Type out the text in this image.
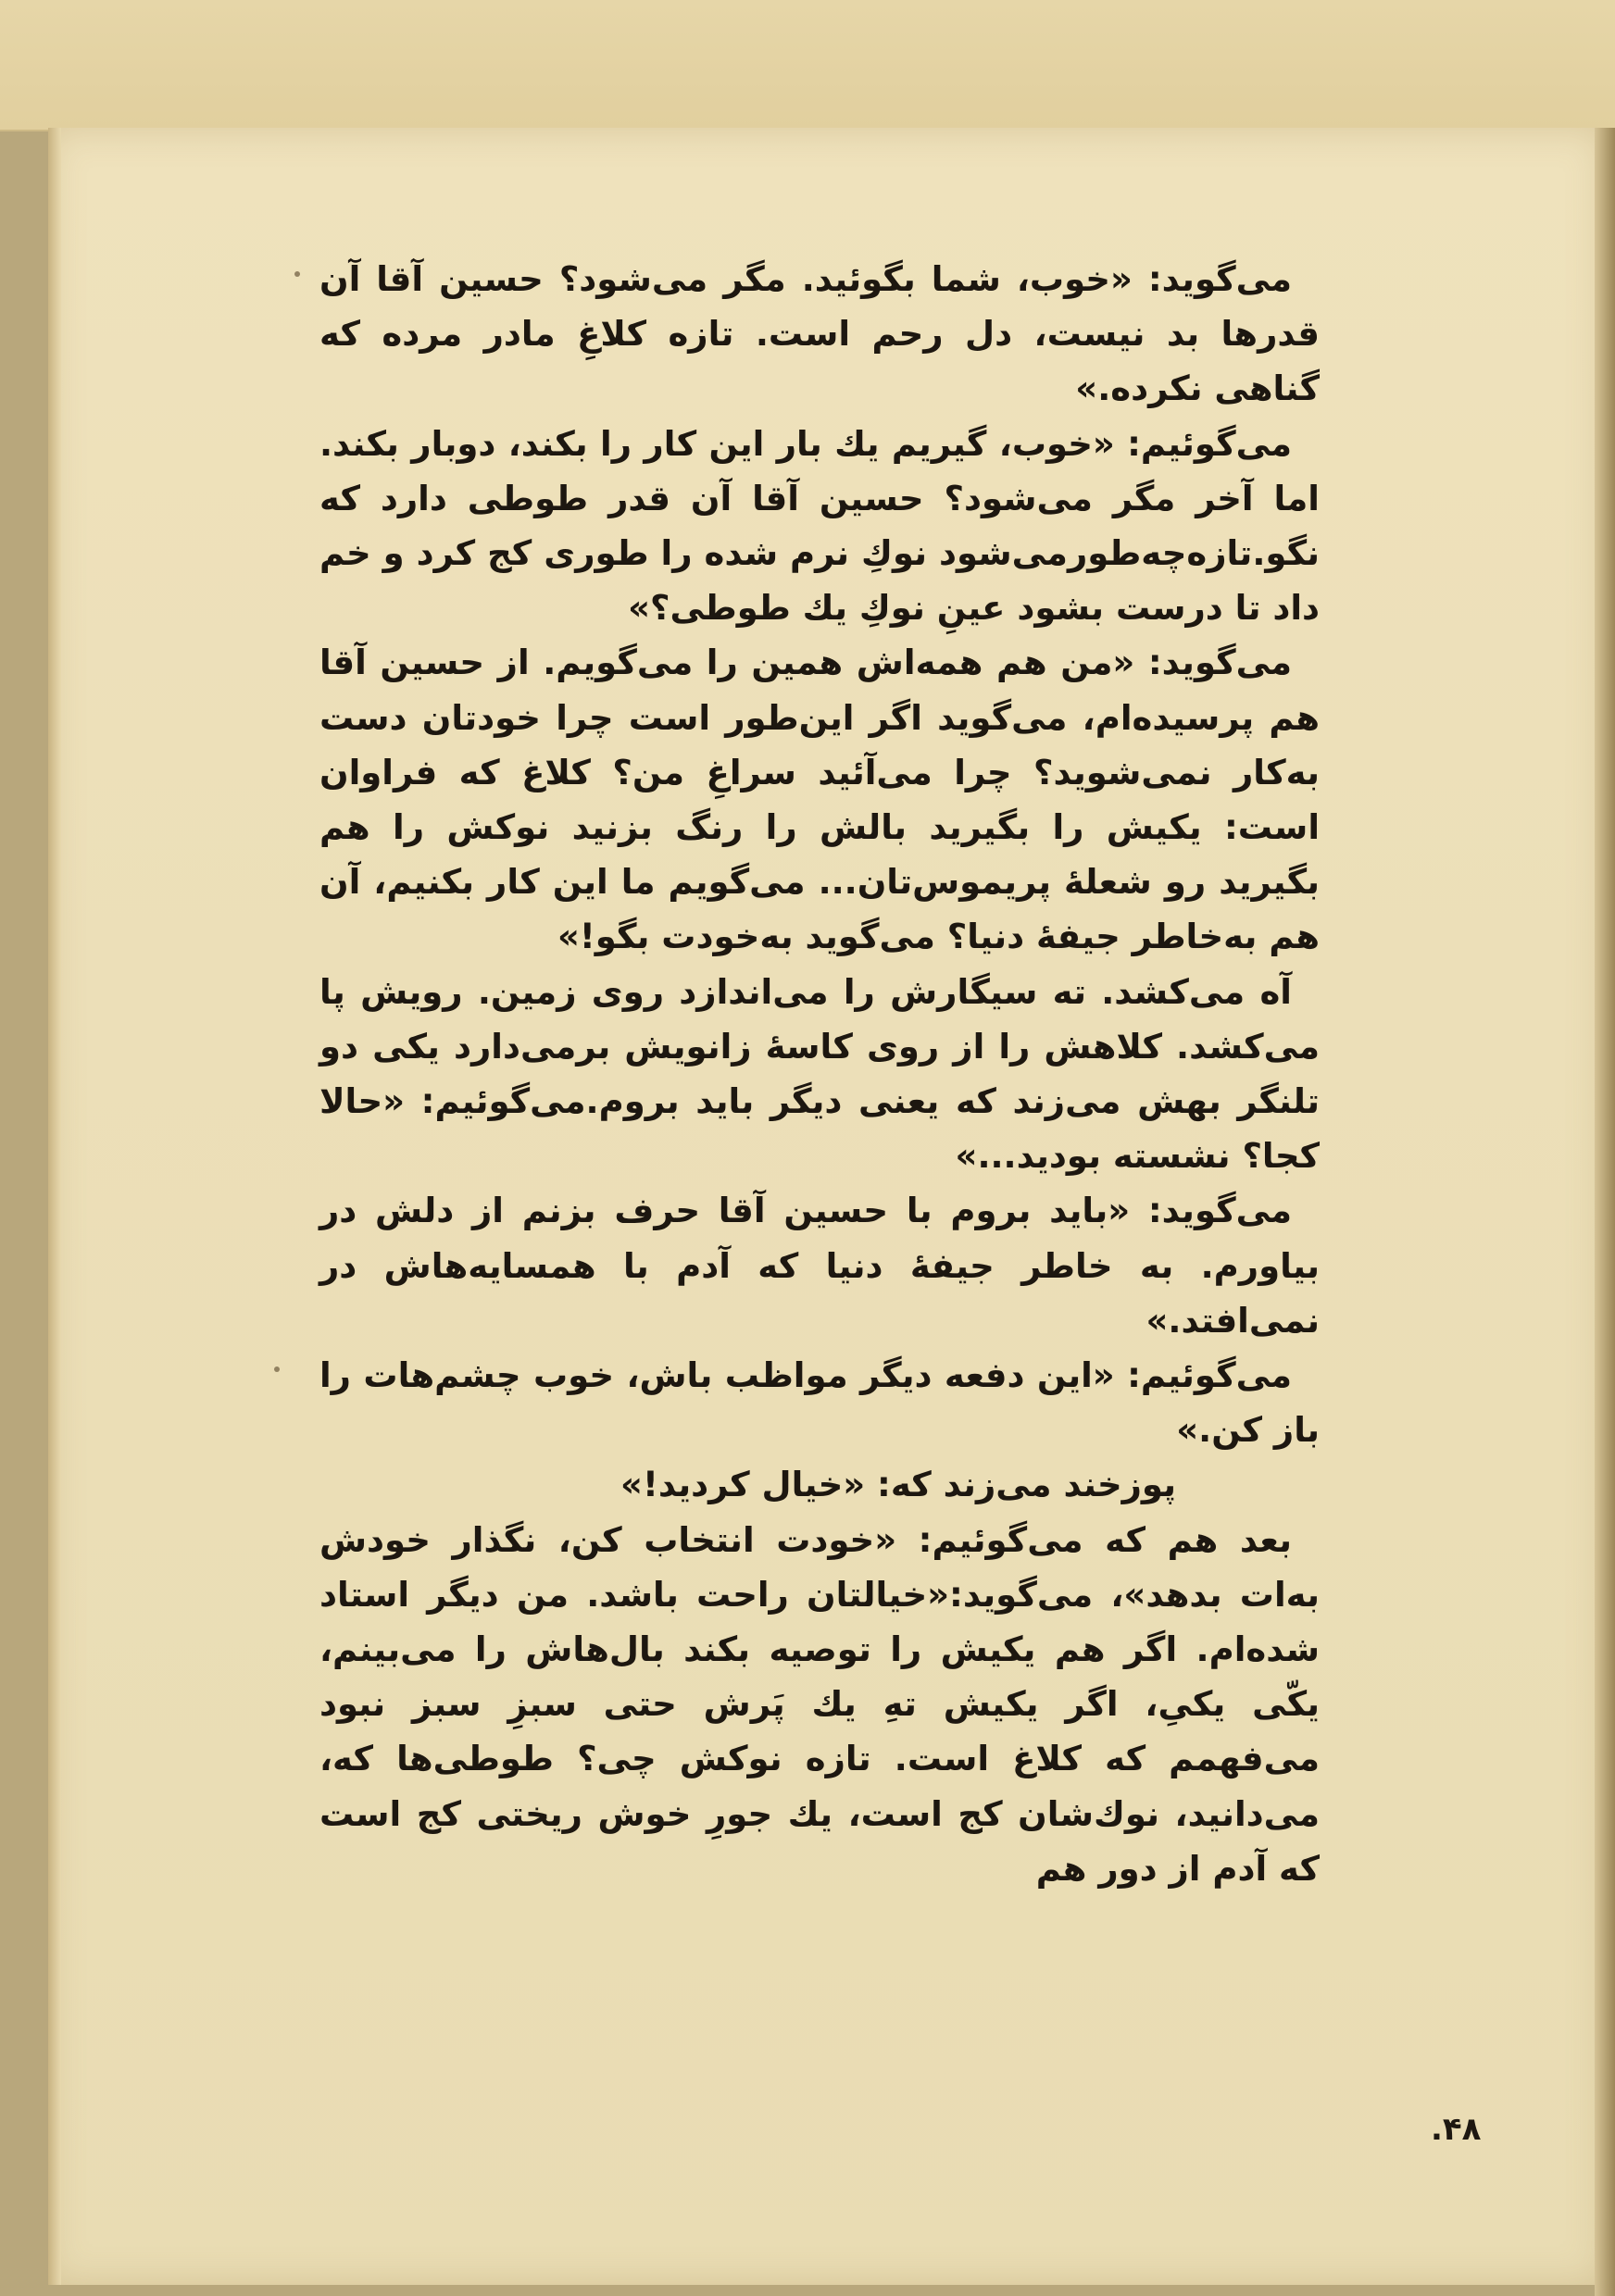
می‌گوید: «خوب، شما بگوئید. مگر می‌شود؟ حسین آقا آن قدرها بد نیست، دل رحم است. تازه کلاغِ مادر مرده که گناهی نکرده.»

می‌گوئیم: «خوب، گیریم یك بار این کار را بکند، دوبار بکند. اما آخر مگر می‌شود؟ حسین آقا آن قدر طوطی دارد که نگو.تازه‌چه‌طورمی‌شود نوكِ نرم شده را طوری کج کرد و خم داد تا درست بشود عینِ نوكِ یك طوطی؟»

می‌گوید: «من هم همه‌اش همین را می‌گویم. از حسین آقا هم پرسیده‌ام، می‌گوید اگر این‌طور است چرا خودتان دست به‌کار نمی‌شوید؟ چرا می‌آئید سراغِ من؟ کلاغ که فراوان است: یکیش را بگیرید بالش را رنگ بزنید نوکش را هم بگیرید رو شعلهٔ پریموس‌تان... می‌گویم ما این کار بکنیم، آن هم به‌خاطر جیفهٔ دنیا؟ می‌گوید به‌خودت بگو!»

آه می‌کشد. ته سیگارش را می‌اندازد روی زمین. رویش پا می‌کشد. کلاهش را از روی کاسهٔ زانویش برمی‌دارد یکی دو تلنگر بهش می‌زند که یعنی دیگر باید بروم.می‌گوئیم: «حالا کجا؟ نشسته بودید...»

می‌گوید: «باید بروم با حسین آقا حرف بزنم از دلش در بیاورم. به خاطر جیفهٔ دنیا که آدم با همسایه‌هاش در نمی‌افتد.»

می‌گوئیم: «این دفعه دیگر مواظب باش، خوب چشم‌هات را باز کن.»

پوزخند می‌زند که: «خیال کردید!»

بعد هم که می‌گوئیم: «خودت انتخاب کن، نگذار خودش به‌ات بدهد»، می‌گوید:«خیالتان راحت باشد. من دیگر استاد شده‌ام. اگر هم یکیش را توصیه بکند بال‌هاش را می‌بینم، یکّی یکیِ، اگر یکیش تهِ یك پَرش حتی سبزِ سبز نبود می‌فهمم که کلاغ است. تازه نوکش چی؟ طوطی‌ها که، می‌دانید، نوك‌شان کج است، یك جورِ خوش ریختی کج است که آدم از دور هم

۴۸.
